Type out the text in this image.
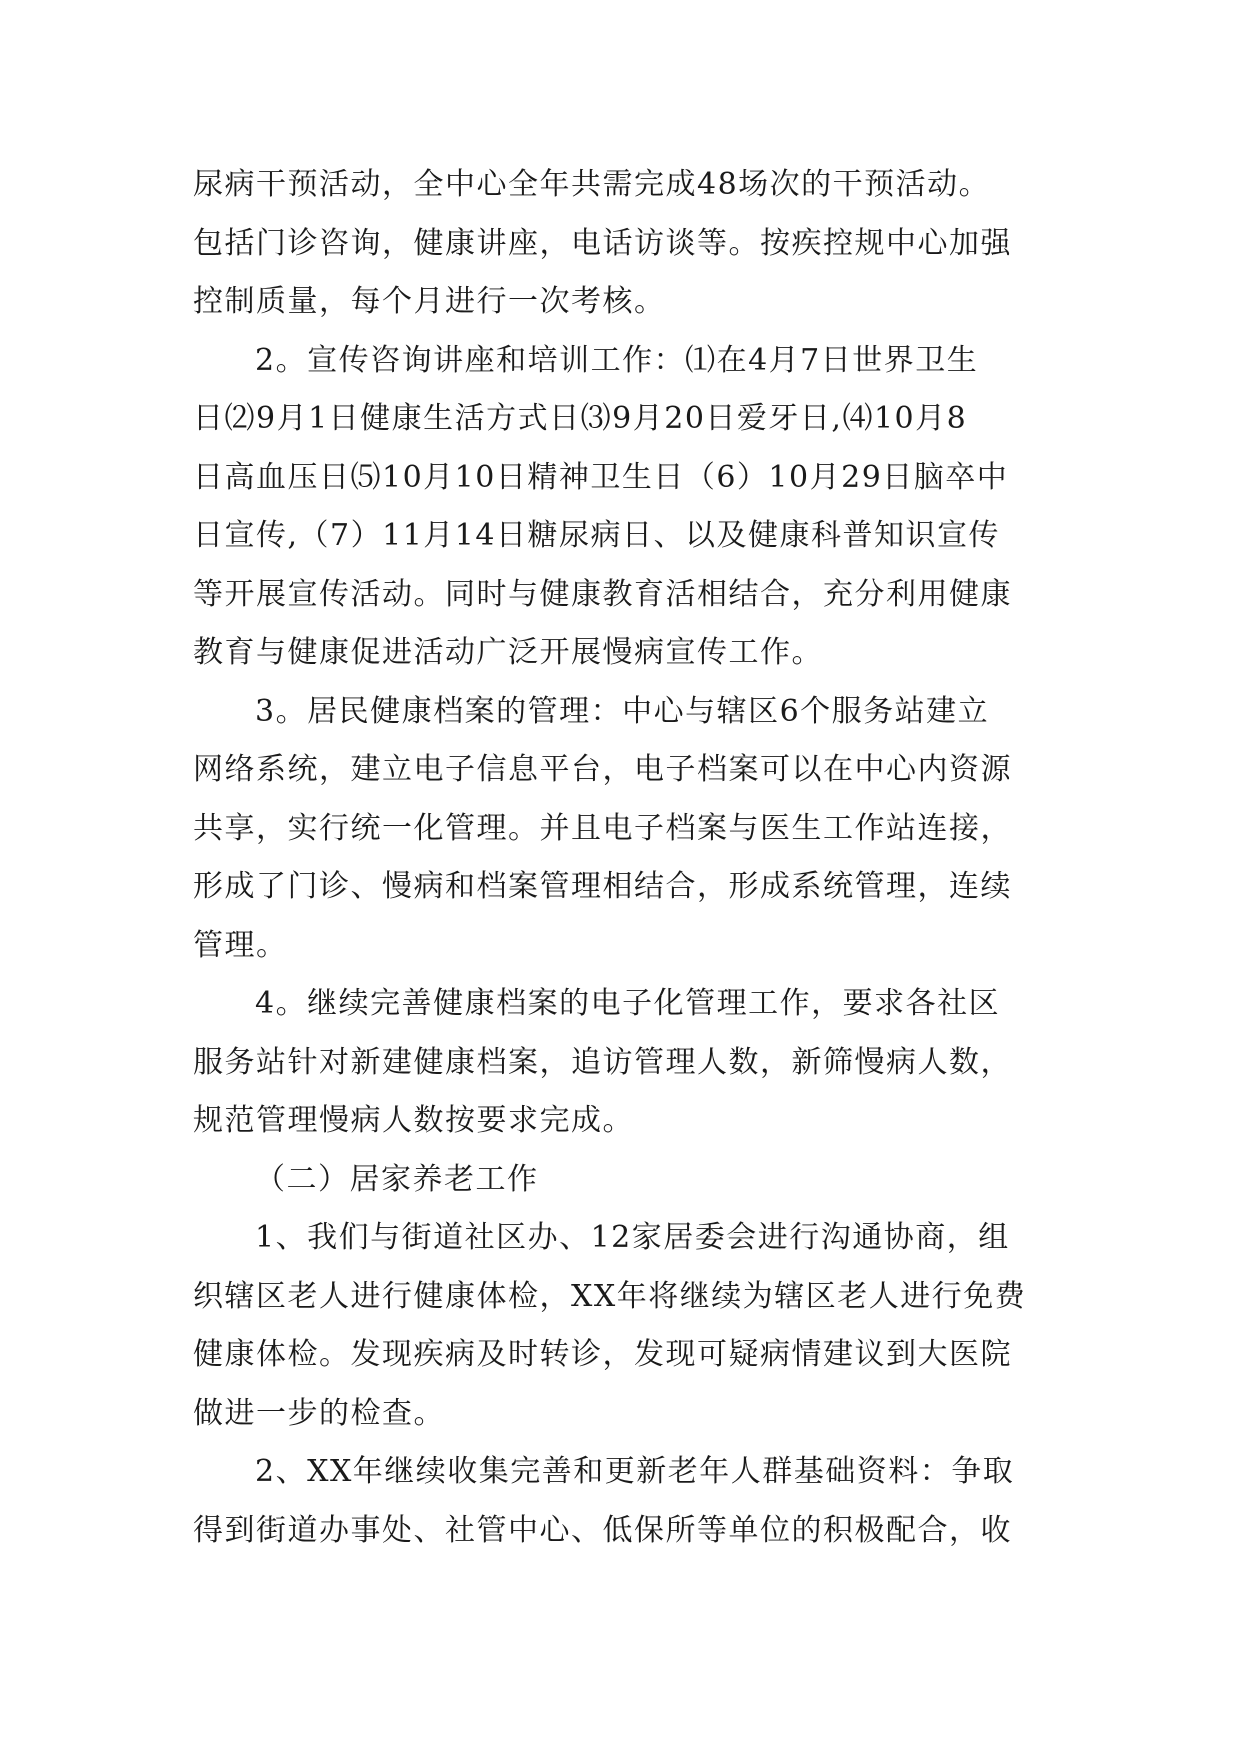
尿病干预活动，全中心全年共需完成48场次的干预活动。
包括门诊咨询，健康讲座，电话访谈等。按疾控规中心加强
控制质量，每个月进行一次考核。
2。宣传咨询讲座和培训工作：⑴在4月7日世界卫生
日⑵9月1日健康生活方式日⑶9月20日爱牙日,⑷10月8
日高血压日⑸10月10日精神卫生日（6）10月29日脑卒中
日宣传,（7）11月14日糖尿病日、以及健康科普知识宣传
等开展宣传活动。同时与健康教育活相结合，充分利用健康
教育与健康促进活动广泛开展慢病宣传工作。
3。居民健康档案的管理：中心与辖区6个服务站建立
网络系统，建立电子信息平台，电子档案可以在中心内资源
共享，实行统一化管理。并且电子档案与医生工作站连接，
形成了门诊、慢病和档案管理相结合，形成系统管理，连续
管理。
4。继续完善健康档案的电子化管理工作，要求各社区
服务站针对新建健康档案，追访管理人数，新筛慢病人数，
规范管理慢病人数按要求完成。
（二）居家养老工作
1、我们与街道社区办、12家居委会进行沟通协商，组
织辖区老人进行健康体检，XX年将继续为辖区老人进行免费
健康体检。发现疾病及时转诊，发现可疑病情建议到大医院
做进一步的检查。
2、XX年继续收集完善和更新老年人群基础资料：争取
得到街道办事处、社管中心、低保所等单位的积极配合，收
